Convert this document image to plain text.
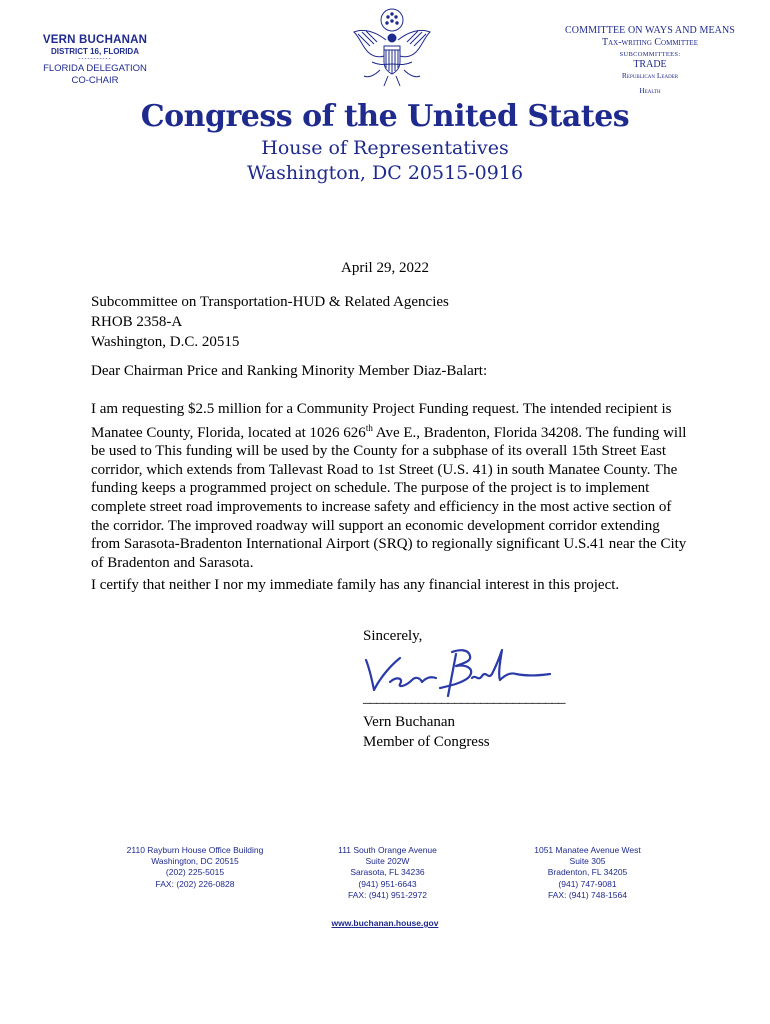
VERN BUCHANAN
DISTRICT 16, FLORIDA
-----------
FLORIDA DELEGATION
CO-CHAIR
COMMITTEE ON WAYS AND MEANS
Tax-writing Committee
SUBCOMMITTEES:
TRADE
Republican Leader
Health
Congress of the United States
House of Representatives
Washington, DC 20515-0916
April 29, 2022
Subcommittee on Transportation-HUD & Related Agencies
RHOB 2358-A
Washington, D.C. 20515
Dear Chairman Price and Ranking Minority Member Diaz-Balart:
I am requesting $2.5 million for a Community Project Funding request. The intended recipient is Manatee County, Florida, located at 1026 626th Ave E., Bradenton, Florida 34208. The funding will be used to This funding will be used by the County for a subphase of its overall 15th Street East corridor, which extends from Tallevast Road to 1st Street (U.S. 41) in south Manatee County. The funding keeps a programmed project on schedule. The purpose of the project is to implement complete street road improvements to increase safety and efficiency in the most active section of the corridor. The improved roadway will support an economic development corridor extending from Sarasota-Bradenton International Airport (SRQ) to regionally significant U.S.41 near the City of Bradenton and Sarasota.
I certify that neither I nor my immediate family has any financial interest in this project.
Sincerely,
_______________________________
Vern Buchanan
Member of Congress
2110 Rayburn House Office Building
Washington, DC 20515
(202) 225-5015
FAX: (202) 226-0828
111 South Orange Avenue
Suite 202W
Sarasota, FL 34236
(941) 951-6643
FAX: (941) 951-2972
1051 Manatee Avenue West
Suite 305
Bradenton, FL 34205
(941) 747-9081
FAX: (941) 748-1564
www.buchanan.house.gov
